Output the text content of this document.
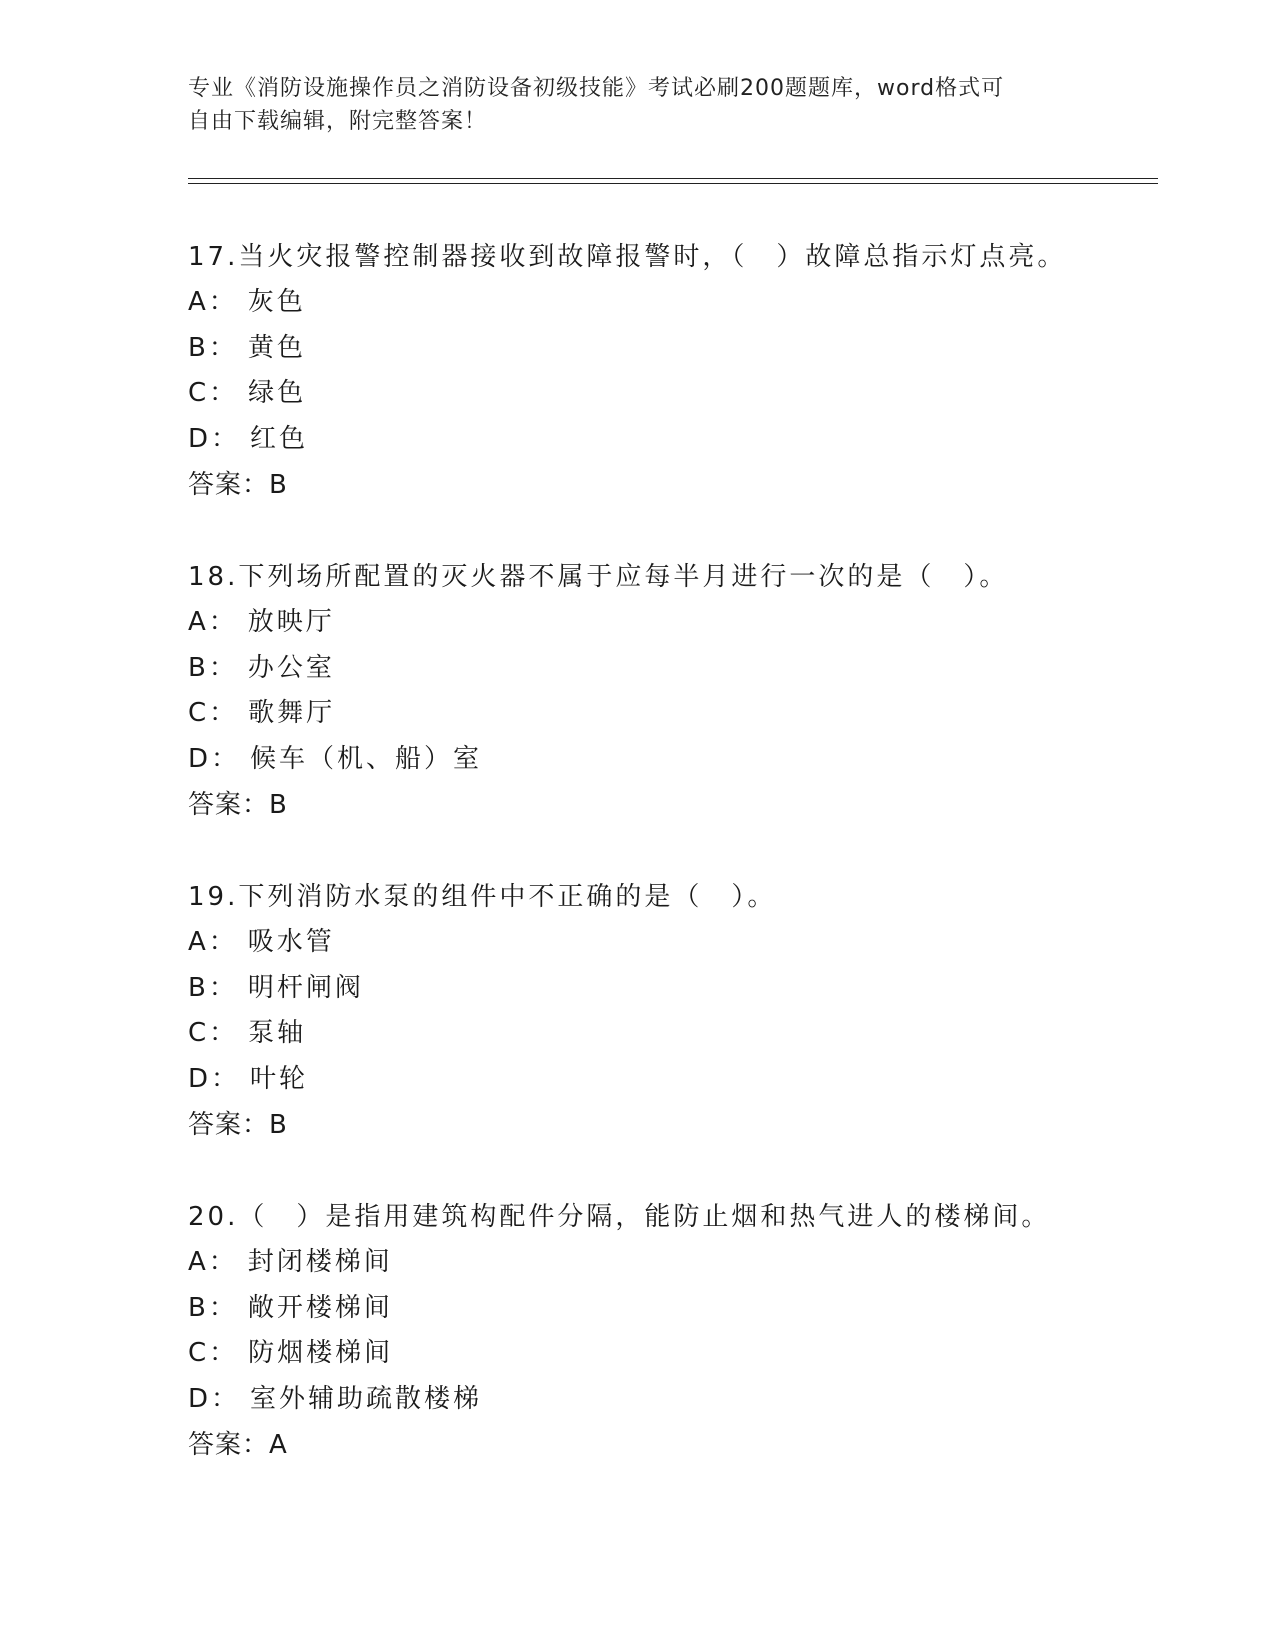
专业《消防设施操作员之消防设备初级技能》考试必刷200题题库，word格式可
自由下载编辑，附完整答案！
17.当火灾报警控制器接收到故障报警时，（　）故障总指示灯点亮。
A： 灰色
B： 黄色
C： 绿色
D： 红色
答案：B
18.下列场所配置的灭火器不属于应每半月进行一次的是（　）。
A： 放映厅
B： 办公室
C： 歌舞厅
D： 候车（机、船）室
答案：B
19.下列消防水泵的组件中不正确的是（　）。
A： 吸水管
B： 明杆闸阀
C： 泵轴
D： 叶轮
答案：B
20.（　）是指用建筑构配件分隔，能防止烟和热气进人的楼梯间。
A： 封闭楼梯间
B： 敞开楼梯间
C： 防烟楼梯间
D： 室外辅助疏散楼梯
答案：A
